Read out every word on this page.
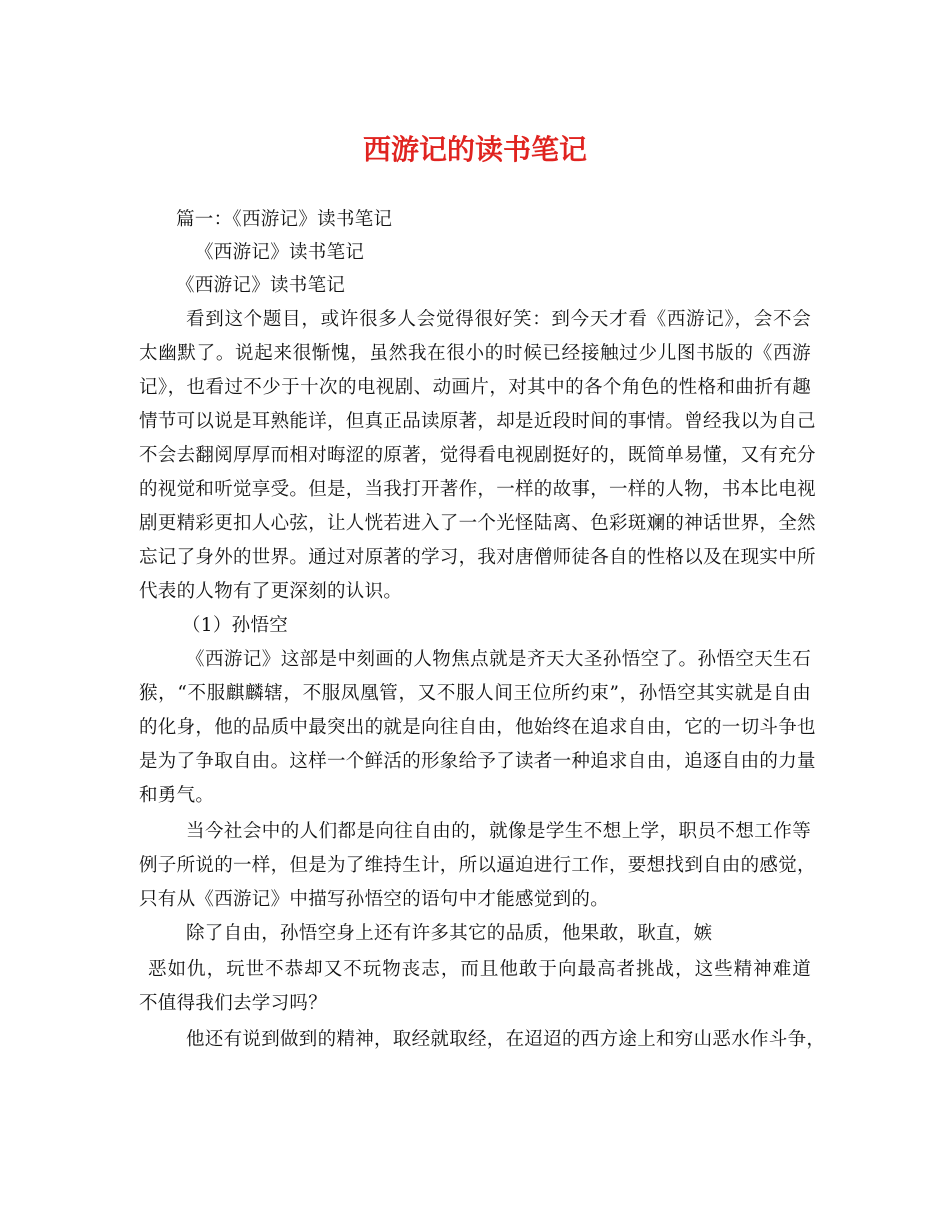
西游记的读书笔记
篇一：《西游记》读书笔记
《西游记》读书笔记
《西游记》读书笔记
看到这个题目，或许很多人会觉得很好笑：到今天才看《西游记》，会不会
太幽默了。说起来很惭愧，虽然我在很小的时候已经接触过少儿图书版的《西游
记》，也看过不少于十次的电视剧、动画片，对其中的各个角色的性格和曲折有趣
情节可以说是耳熟能详，但真正品读原著，却是近段时间的事情。曾经我以为自己
不会去翻阅厚厚而相对晦涩的原著，觉得看电视剧挺好的，既简单易懂，又有充分
的视觉和听觉享受。但是，当我打开著作，一样的故事，一样的人物，书本比电视
剧更精彩更扣人心弦，让人恍若进入了一个光怪陆离、色彩斑斓的神话世界，全然
忘记了身外的世界。通过对原著的学习，我对唐僧师徒各自的性格以及在现实中所
代表的人物有了更深刻的认识。
（1）孙悟空
《西游记》这部是中刻画的人物焦点就是齐天大圣孙悟空了。孙悟空天生石
猴，“不服麒麟辖，不服凤凰管，又不服人间王位所约束”，孙悟空其实就是自由
的化身，他的品质中最突出的就是向往自由，他始终在追求自由，它的一切斗争也
是为了争取自由。这样一个鲜活的形象给予了读者一种追求自由，追逐自由的力量
和勇气。
当今社会中的人们都是向往自由的，就像是学生不想上学，职员不想工作等
例子所说的一样，但是为了维持生计，所以逼迫进行工作，要想找到自由的感觉，
只有从《西游记》中描写孙悟空的语句中才能感觉到的。
除了自由，孙悟空身上还有许多其它的品质，他果敢，耿直，嫉
恶如仇，玩世不恭却又不玩物丧志，而且他敢于向最高者挑战，这些精神难道
不值得我们去学习吗？
他还有说到做到的精神，取经就取经，在迢迢的西方途上和穷山恶水作斗争，
